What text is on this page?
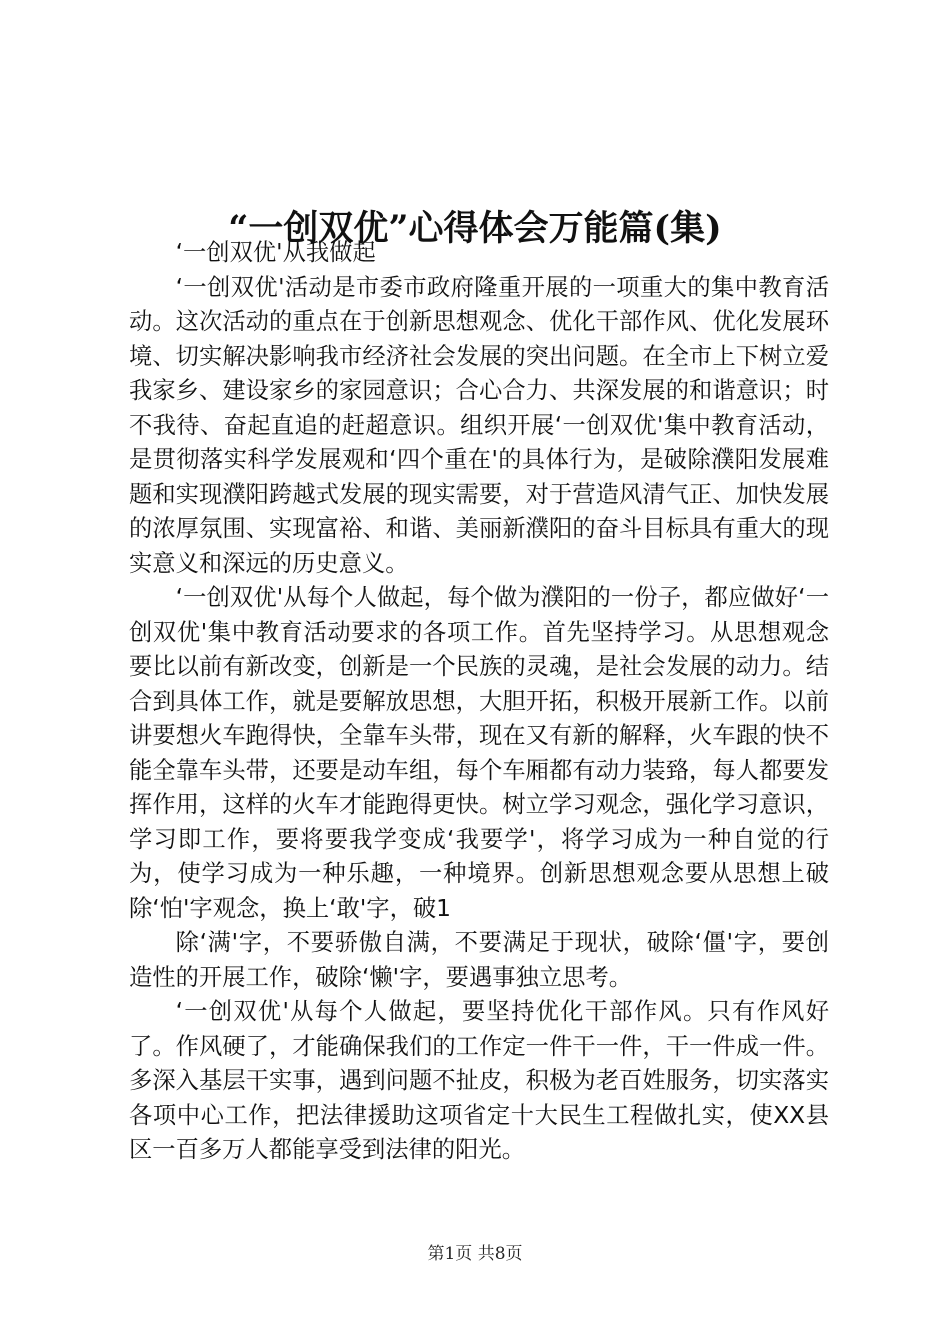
“一创双优”心得体会万能篇(集)

‘一创双优'从我做起

‘一创双优'活动是市委市政府隆重开展的一项重大的集中教育活动。这次活动的重点在于创新思想观念、优化干部作风、优化发展环境、切实解决影响我市经济社会发展的突出问题。在全市上下树立爱我家乡、建设家乡的家园意识；合心合力、共深发展的和谐意识；时不我待、奋起直追的赶超意识。组织开展‘一创双优'集中教育活动，是贯彻落实科学发展观和‘四个重在'的具体行为，是破除濮阳发展难题和实现濮阳跨越式发展的现实需要，对于营造风清气正、加快发展的浓厚氛围、实现富裕、和谐、美丽新濮阳的奋斗目标具有重大的现实意义和深远的历史意义。

‘一创双优'从每个人做起，每个做为濮阳的一份子，都应做好‘一创双优'集中教育活动要求的各项工作。首先坚持学习。从思想观念要比以前有新改变，创新是一个民族的灵魂，是社会发展的动力。结合到具体工作，就是要解放思想，大胆开拓，积极开展新工作。以前讲要想火车跑得快，全靠车头带，现在又有新的解释，火车跟的快不能全靠车头带，还要是动车组，每个车厢都有动力装臵，每人都要发挥作用，这样的火车才能跑得更快。树立学习观念，强化学习意识，学习即工作，要将要我学变成‘我要学'，将学习成为一种自觉的行为，使学习成为一种乐趣，一种境界。创新思想观念要从思想上破除‘怕'字观念，换上‘敢'字，破1

除‘满'字，不要骄傲自满，不要满足于现状，破除‘僵'字，要创造性的开展工作，破除‘懒'字，要遇事独立思考。

‘一创双优'从每个人做起，要坚持优化干部作风。只有作风好了。作风硬了，才能确保我们的工作定一件干一件，干一件成一件。多深入基层干实事，遇到问题不扯皮，积极为老百姓服务，切实落实各项中心工作，把法律援助这项省定十大民生工程做扎实，使XX县区一百多万人都能享受到法律的阳光。

第1页 共8页
